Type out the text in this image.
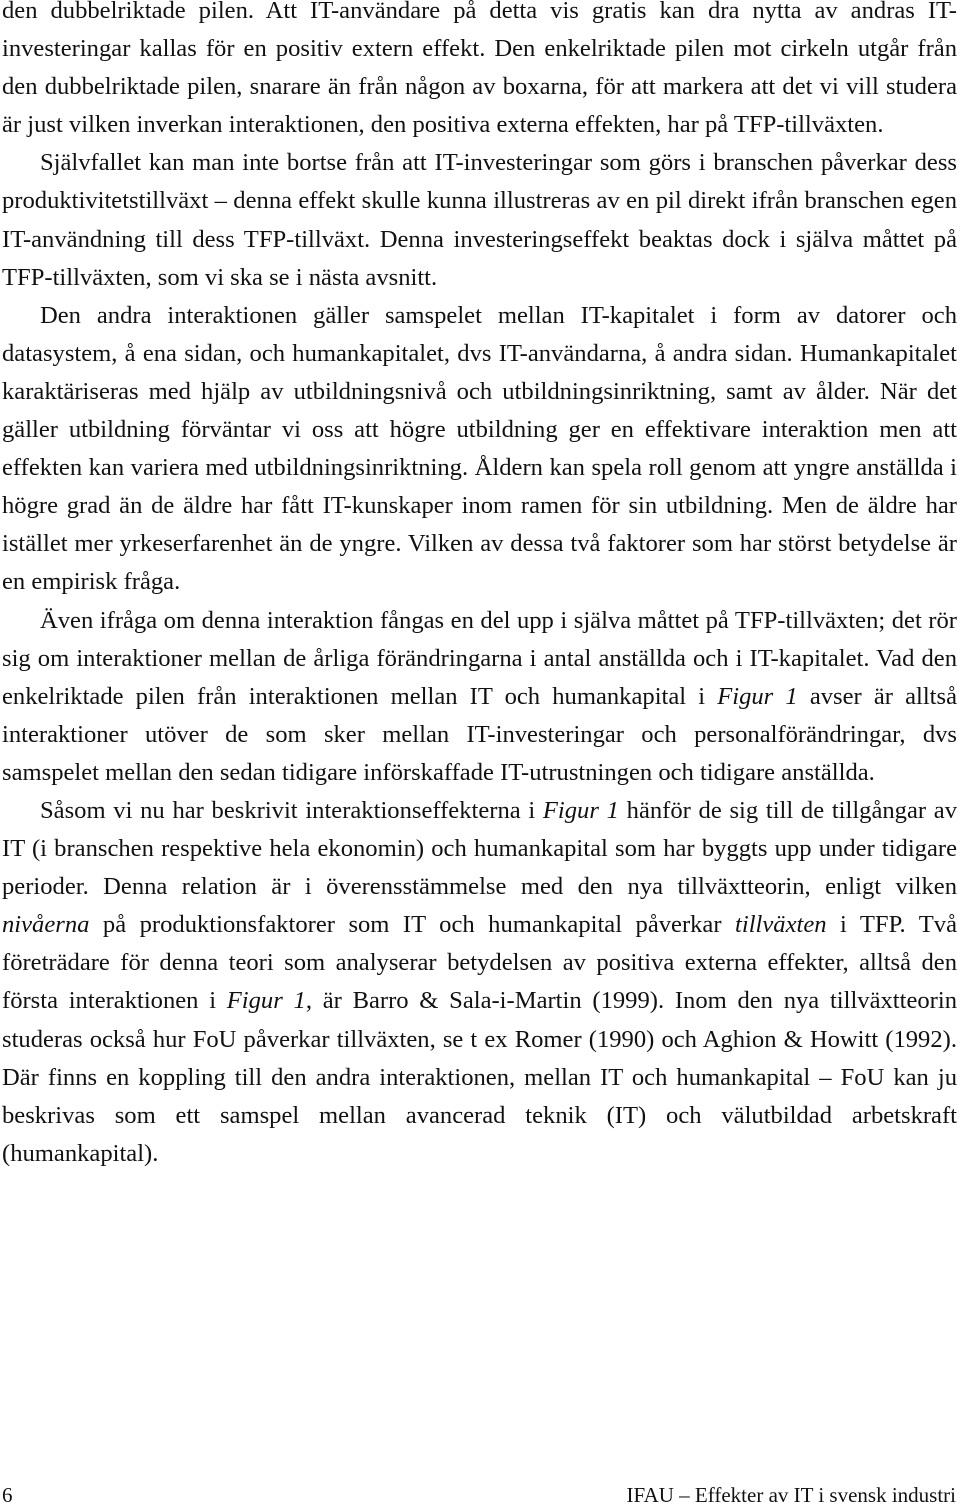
den dubbelriktade pilen. Att IT-användare på detta vis gratis kan dra nytta av andras IT-investeringar kallas för en positiv extern effekt. Den enkelriktade pilen mot cirkeln utgår från den dubbelriktade pilen, snarare än från någon av boxarna, för att markera att det vi vill studera är just vilken inverkan interaktionen, den positiva externa effekten, har på TFP-tillväxten.

Självfallet kan man inte bortse från att IT-investeringar som görs i branschen påverkar dess produktivitetstillväxt – denna effekt skulle kunna illustreras av en pil direkt ifrån branschen egen IT-användning till dess TFP-tillväxt. Denna investeringseffekt beaktas dock i själva måttet på TFP-tillväxten, som vi ska se i nästa avsnitt.

Den andra interaktionen gäller samspelet mellan IT-kapitalet i form av datorer och datasystem, å ena sidan, och humankapitalet, dvs IT-användarna, å andra sidan. Humankapitalet karaktäriseras med hjälp av utbildningsnivå och utbildningsinriktning, samt av ålder. När det gäller utbildning förväntar vi oss att högre utbildning ger en effektivare interaktion men att effekten kan variera med utbildningsinriktning. Åldern kan spela roll genom att yngre anställda i högre grad än de äldre har fått IT-kunskaper inom ramen för sin utbildning. Men de äldre har istället mer yrkeserfarenhet än de yngre. Vilken av dessa två faktorer som har störst betydelse är en empirisk fråga.

Även ifråga om denna interaktion fångas en del upp i själva måttet på TFP-tillväxten; det rör sig om interaktioner mellan de årliga förändringarna i antal anställda och i IT-kapitalet. Vad den enkelriktade pilen från interaktionen mellan IT och humankapital i Figur 1 avser är alltså interaktioner utöver de som sker mellan IT-investeringar och personalförändringar, dvs samspelet mellan den sedan tidigare införskaffade IT-utrustningen och tidigare anställda.

Såsom vi nu har beskrivit interaktionseffekterna i Figur 1 hänför de sig till de tillgångar av IT (i branschen respektive hela ekonomin) och humankapital som har byggts upp under tidigare perioder. Denna relation är i överensstämmelse med den nya tillväxtteorin, enligt vilken nivåerna på produktionsfaktorer som IT och humankapital påverkar tillväxten i TFP. Två företrädare för denna teori som analyserar betydelsen av positiva externa effekter, alltså den första interaktionen i Figur 1, är Barro & Sala-i-Martin (1999). Inom den nya tillväxtteorin studeras också hur FoU påverkar tillväxten, se t ex Romer (1990) och Aghion & Howitt (1992). Där finns en koppling till den andra interaktionen, mellan IT och humankapital – FoU kan ju beskrivas som ett samspel mellan avancerad teknik (IT) och välutbildad arbetskraft (humankapital).

6	IFAU – Effekter av IT i svensk industri
